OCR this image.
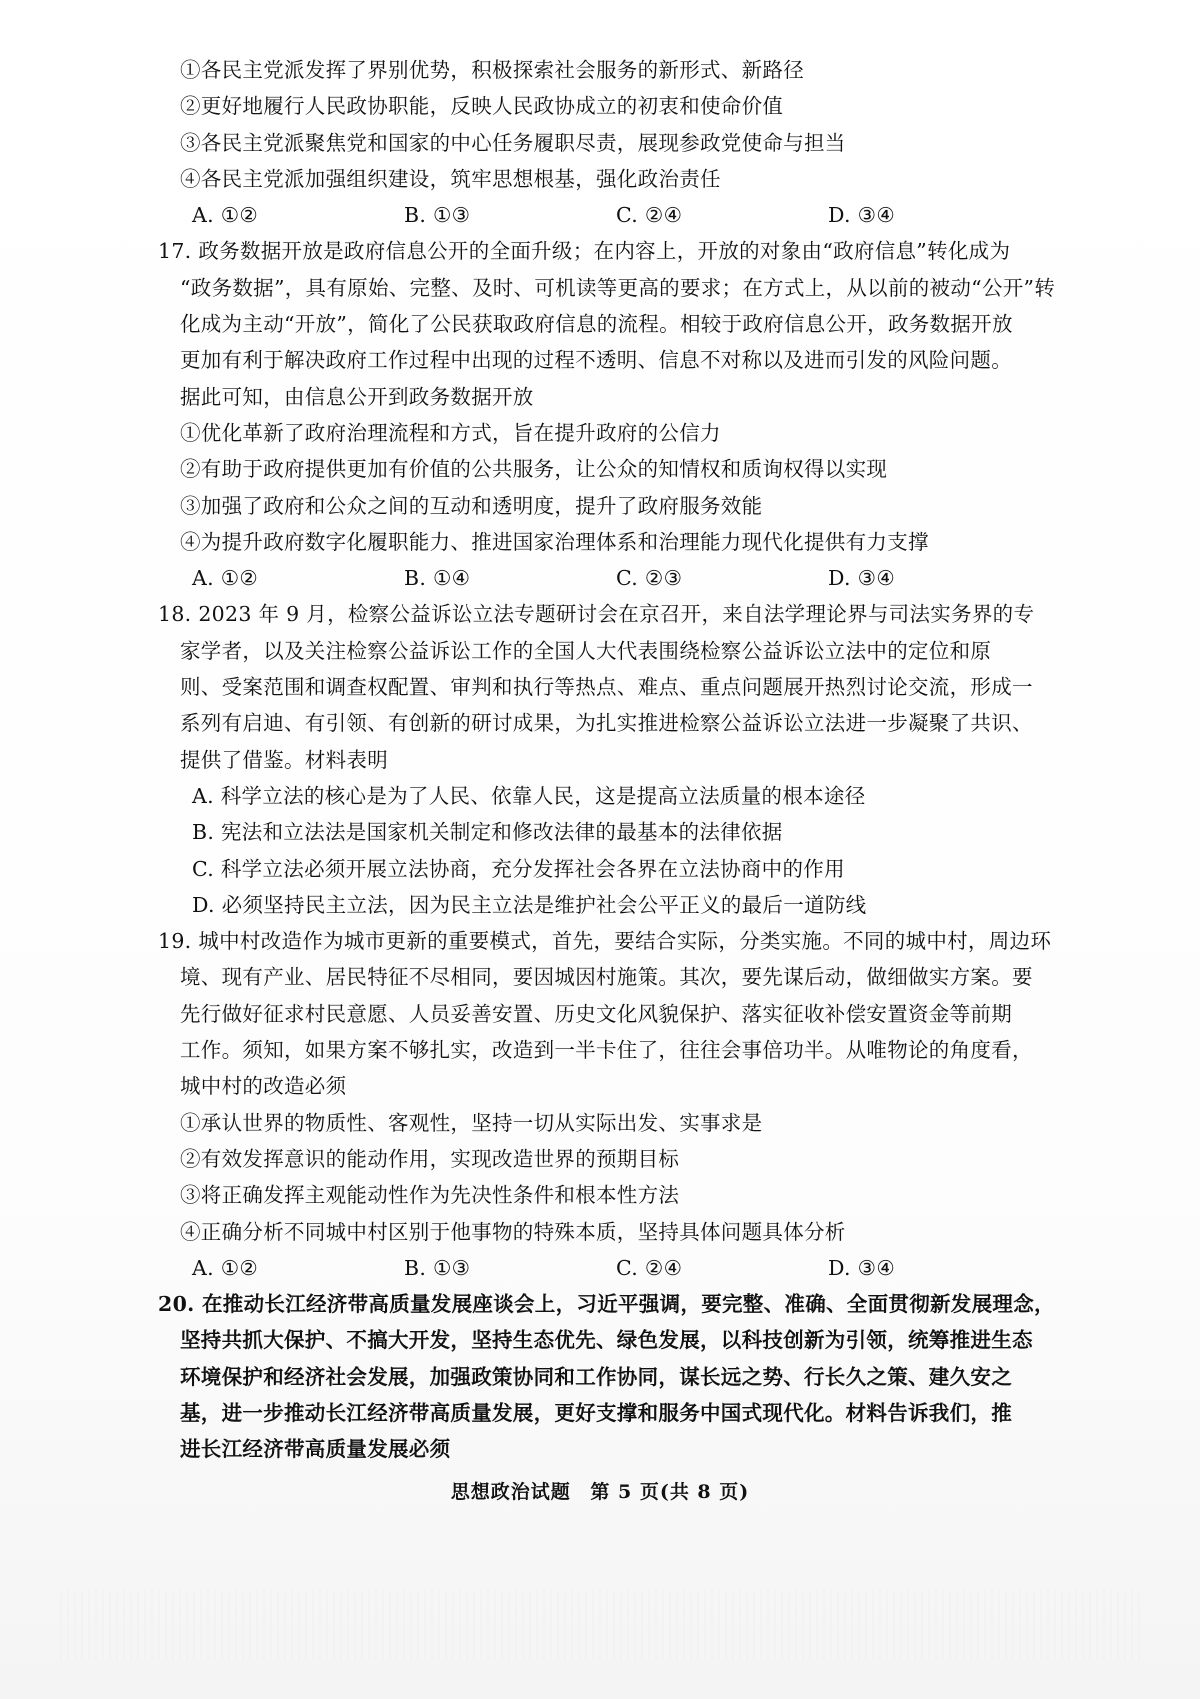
①各民主党派发挥了界别优势，积极探索社会服务的新形式、新路径
②更好地履行人民政协职能，反映人民政协成立的初衷和使命价值
③各民主党派聚焦党和国家的中心任务履职尽责，展现参政党使命与担当
④各民主党派加强组织建设，筑牢思想根基，强化政治责任
A. ①②	B. ①③	C. ②④	D. ③④
17. 政务数据开放是政府信息公开的全面升级；在内容上，开放的对象由“政府信息”转化成为
“政务数据”，具有原始、完整、及时、可机读等更高的要求；在方式上，从以前的被动“公开”转
化成为主动“开放”，简化了公民获取政府信息的流程。相较于政府信息公开，政务数据开放
更加有利于解决政府工作过程中出现的过程不透明、信息不对称以及进而引发的风险问题。
据此可知，由信息公开到政务数据开放
①优化革新了政府治理流程和方式，旨在提升政府的公信力
②有助于政府提供更加有价值的公共服务，让公众的知情权和质询权得以实现
③加强了政府和公众之间的互动和透明度，提升了政府服务效能
④为提升政府数字化履职能力、推进国家治理体系和治理能力现代化提供有力支撑
A. ①②	B. ①④	C. ②③	D. ③④
18. 2023 年 9 月，检察公益诉讼立法专题研讨会在京召开，来自法学理论界与司法实务界的专
家学者，以及关注检察公益诉讼工作的全国人大代表围绕检察公益诉讼立法中的定位和原
则、受案范围和调查权配置、审判和执行等热点、难点、重点问题展开热烈讨论交流，形成一
系列有启迪、有引领、有创新的研讨成果，为扎实推进检察公益诉讼立法进一步凝聚了共识、
提供了借鉴。材料表明
A. 科学立法的核心是为了人民、依靠人民，这是提高立法质量的根本途径
B. 宪法和立法法是国家机关制定和修改法律的最基本的法律依据
C. 科学立法必须开展立法协商，充分发挥社会各界在立法协商中的作用
D. 必须坚持民主立法，因为民主立法是维护社会公平正义的最后一道防线
19. 城中村改造作为城市更新的重要模式，首先，要结合实际，分类实施。不同的城中村，周边环
境、现有产业、居民特征不尽相同，要因城因村施策。其次，要先谋后动，做细做实方案。要
先行做好征求村民意愿、人员妥善安置、历史文化风貌保护、落实征收补偿安置资金等前期
工作。须知，如果方案不够扎实，改造到一半卡住了，往往会事倍功半。从唯物论的角度看，
城中村的改造必须
①承认世界的物质性、客观性，坚持一切从实际出发、实事求是
②有效发挥意识的能动作用，实现改造世界的预期目标
③将正确发挥主观能动性作为先决性条件和根本性方法
④正确分析不同城中村区别于他事物的特殊本质，坚持具体问题具体分析
A. ①②	B. ①③	C. ②④	D. ③④
20. 在推动长江经济带高质量发展座谈会上，习近平强调，要完整、准确、全面贯彻新发展理念，
坚持共抓大保护、不搞大开发，坚持生态优先、绿色发展，以科技创新为引领，统筹推进生态
环境保护和经济社会发展，加强政策协同和工作协同，谋长远之势、行长久之策、建久安之
基，进一步推动长江经济带高质量发展，更好支撑和服务中国式现代化。材料告诉我们，推
进长江经济带高质量发展必须
思想政治试题 第 5 页(共 8 页)
